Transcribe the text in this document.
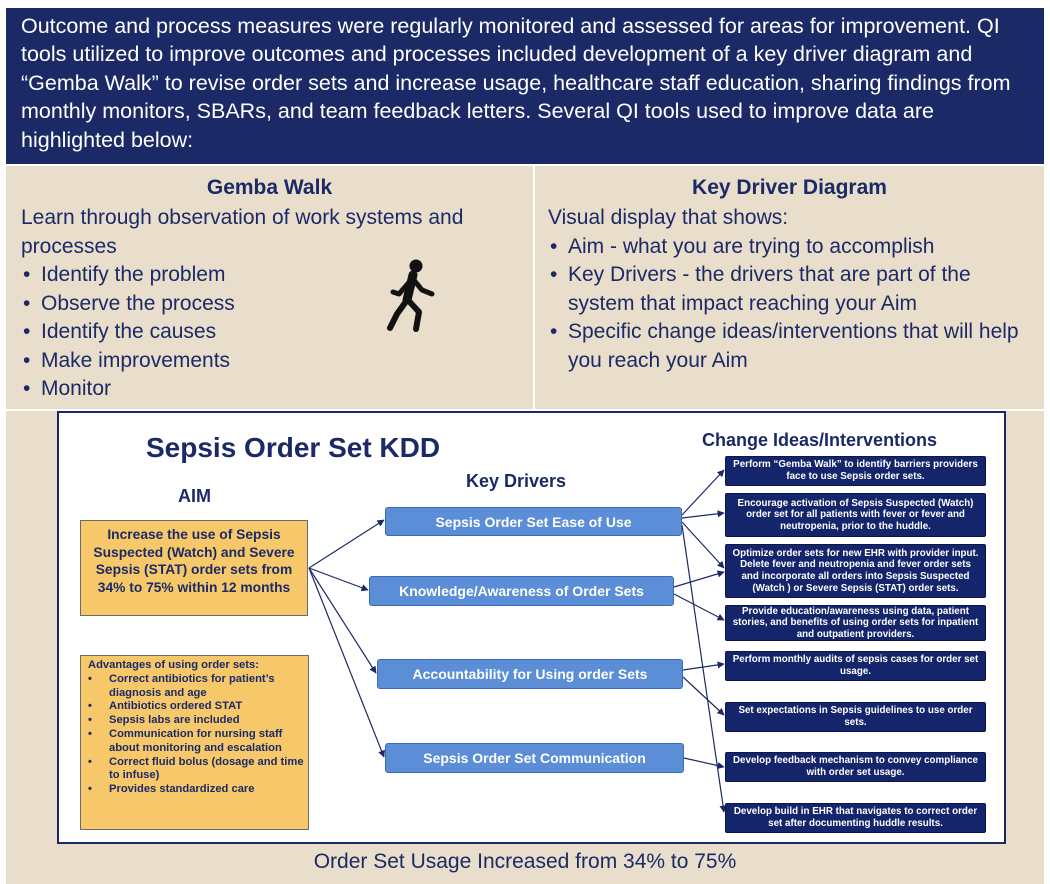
Outcome and process measures were regularly monitored and assessed for areas for improvement. QI tools utilized to improve outcomes and processes included development of a key driver diagram and “Gemba Walk” to revise order sets and increase usage, healthcare staff education, sharing findings from monthly monitors, SBARs, and team feedback letters. Several QI tools used to improve data are highlighted below:
Gemba Walk
Learn through observation of work systems and processes
• Identify the problem
• Observe the process
• Identify the causes
• Make improvements
• Monitor
Key Driver Diagram
Visual display that shows:
• Aim - what you are trying to accomplish
• Key Drivers - the drivers that are part of the system that impact reaching your Aim
• Specific change ideas/interventions that will help you reach your Aim
Sepsis Order Set KDD
AIM
Key Drivers
Change Ideas/Interventions
Increase the use of Sepsis Suspected (Watch) and Severe Sepsis (STAT) order sets from 34% to 75% within 12 months
Advantages of using order sets:
• Correct antibiotics for patient’s diagnosis and age
• Antibiotics ordered STAT
• Sepsis labs are included
• Communication for nursing staff about monitoring and escalation
• Correct fluid bolus (dosage and time to infuse)
• Provides standardized care
Sepsis Order Set Ease of Use
Knowledge/Awareness of Order Sets
Accountability for Using order Sets
Sepsis Order Set Communication
Perform “Gemba Walk” to identify barriers providers face to use Sepsis order sets.
Encourage activation of Sepsis Suspected (Watch) order set for all patients with fever or fever and neutropenia, prior to the huddle.
Optimize order sets for new EHR with provider input. Delete fever and neutropenia and fever order sets and incorporate all orders into Sepsis Suspected (Watch ) or Severe Sepsis (STAT) order sets.
Provide education/awareness using data, patient stories, and benefits of using order sets for inpatient and outpatient providers.
Perform monthly audits of sepsis cases for order set usage.
Set expectations in Sepsis guidelines to use order sets.
Develop feedback mechanism to convey compliance with order set usage.
Develop build in EHR that navigates to correct order set after documenting huddle results.
Order Set Usage Increased from 34% to 75%
